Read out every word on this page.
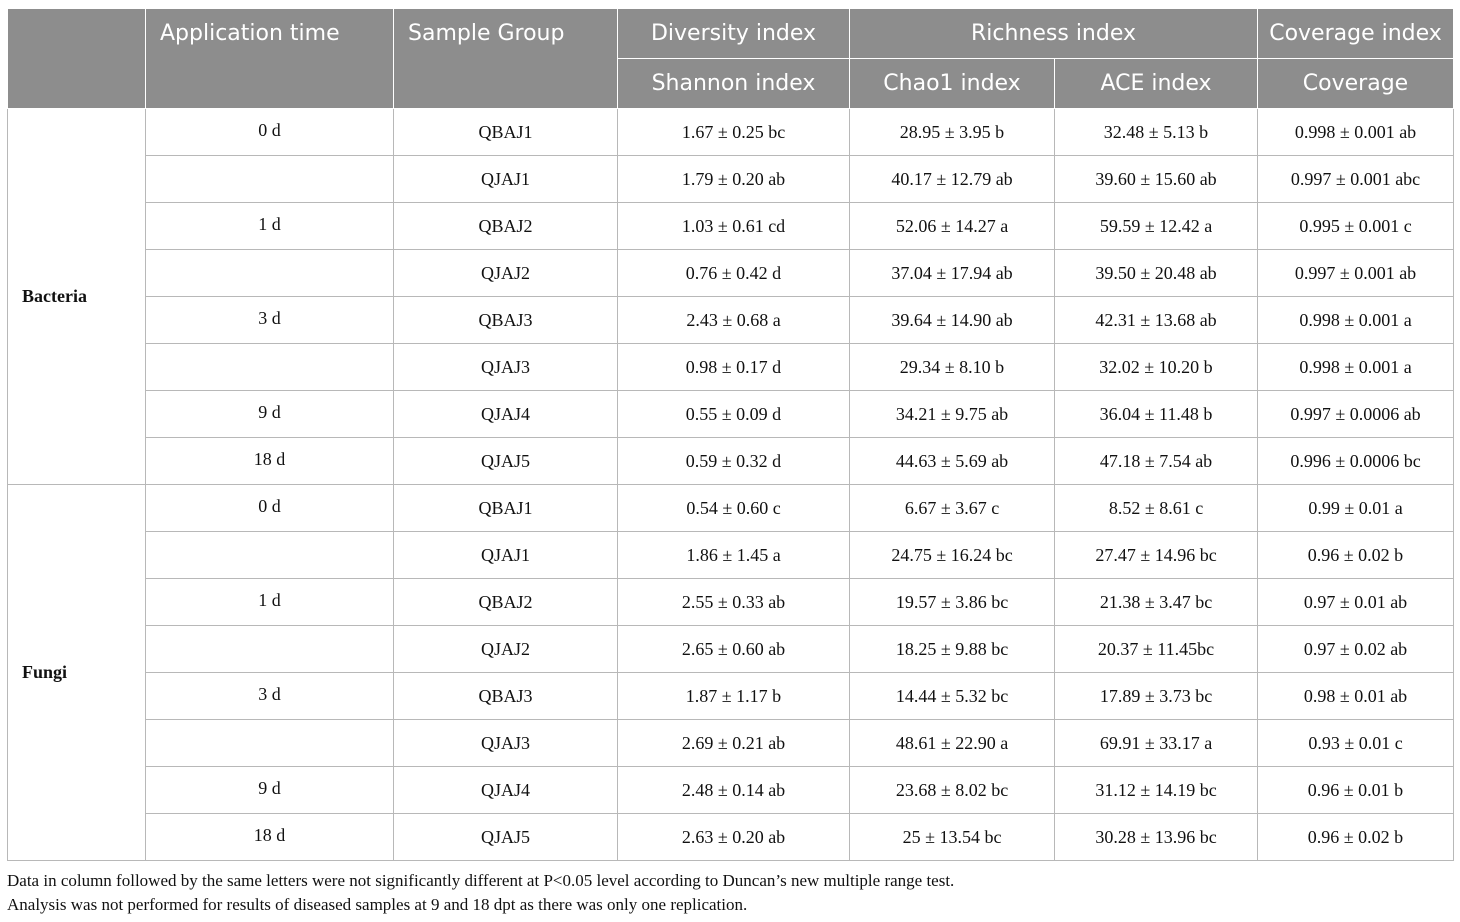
	Application time	Sample Group	Diversity index	Richness index		Coverage index
			Shannon index	Chao1 index	ACE index	Coverage
Bacteria	0 d	QBAJ1	1.67 ± 0.25 bc	28.95 ± 3.95 b	32.48 ± 5.13 b	0.998 ± 0.001 ab
		QJAJ1	1.79 ± 0.20 ab	40.17 ± 12.79 ab	39.60 ± 15.60 ab	0.997 ± 0.001 abc
	1 d	QBAJ2	1.03 ± 0.61 cd	52.06 ± 14.27 a	59.59 ± 12.42 a	0.995 ± 0.001 c
		QJAJ2	0.76 ± 0.42 d	37.04 ± 17.94 ab	39.50 ± 20.48 ab	0.997 ± 0.001 ab
	3 d	QBAJ3	2.43 ± 0.68 a	39.64 ± 14.90 ab	42.31 ± 13.68 ab	0.998 ± 0.001 a
		QJAJ3	0.98 ± 0.17 d	29.34 ± 8.10 b	32.02 ± 10.20 b	0.998 ± 0.001 a
	9 d	QJAJ4	0.55 ± 0.09 d	34.21 ± 9.75 ab	36.04 ± 11.48 b	0.997 ± 0.0006 ab
	18 d	QJAJ5	0.59 ± 0.32 d	44.63 ± 5.69 ab	47.18 ± 7.54 ab	0.996 ± 0.0006 bc
Fungi	0 d	QBAJ1	0.54 ± 0.60 c	6.67 ± 3.67 c	8.52 ± 8.61 c	0.99 ± 0.01 a
		QJAJ1	1.86 ± 1.45 a	24.75 ± 16.24 bc	27.47 ± 14.96 bc	0.96 ± 0.02 b
	1 d	QBAJ2	2.55 ± 0.33 ab	19.57 ± 3.86 bc	21.38 ± 3.47 bc	0.97 ± 0.01 ab
		QJAJ2	2.65 ± 0.60 ab	18.25 ± 9.88 bc	20.37 ± 11.45bc	0.97 ± 0.02 ab
	3 d	QBAJ3	1.87 ± 1.17 b	14.44 ± 5.32 bc	17.89 ± 3.73 bc	0.98 ± 0.01 ab
		QJAJ3	2.69 ± 0.21 ab	48.61 ± 22.90 a	69.91 ± 33.17 a	0.93 ± 0.01 c
	9 d	QJAJ4	2.48 ± 0.14 ab	23.68 ± 8.02 bc	31.12 ± 14.19 bc	0.96 ± 0.01 b
	18 d	QJAJ5	2.63 ± 0.20 ab	25 ± 13.54 bc	30.28 ± 13.96 bc	0.96 ± 0.02 b
Data in column followed by the same letters were not significantly different at P<0.05 level according to Duncan’s new multiple range test.
Analysis was not performed for results of diseased samples at 9 and 18 dpt as there was only one replication.
